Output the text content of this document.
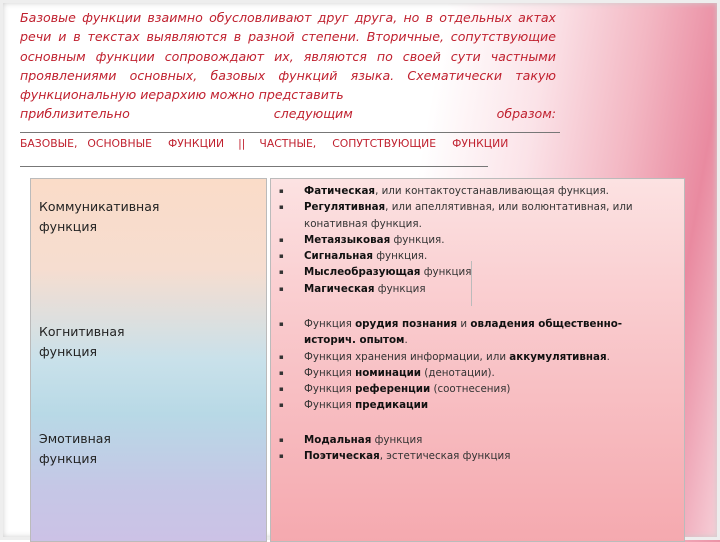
Базовые функции взаимно обусловливают друг друга, но в отдельных актах речи и в текстах выявляются в разной степени. Вторичные, сопутствующие основным функции сопровождают их, являются по своей сути частными проявлениями основных, базовых функций языка. Схематически такую функциональную иерархию можно представить
приблизительно следующим образом:
БАЗОВЫЕ, ОСНОВНЫЕ ФУНКЦИИ || ЧАСТНЫЕ, СОПУТСТВУЮЩИЕ ФУНКЦИИ
Коммуникативная функция
Когнитивная функция
Эмотивная функция
▪ Фатическая, или контактоустанавливающая функция.
▪ Регулятивная, или апеллятивная, или волюнтативная, или конативная функция.
▪ Метаязыковая функция.
▪ Сигнальная функция.
▪ Мыслеобразующая функция
▪ Магическая функция
▪ Функция орудия познания и овладения общественно-историч. опытом.
▪ Функция хранения информации, или аккумулятивная.
▪ Функция номинации (денотации).
▪ Функция референции (соотнесения)
▪ Функция предикации
▪ Модальная функция
▪ Поэтическая, эстетическая функция
